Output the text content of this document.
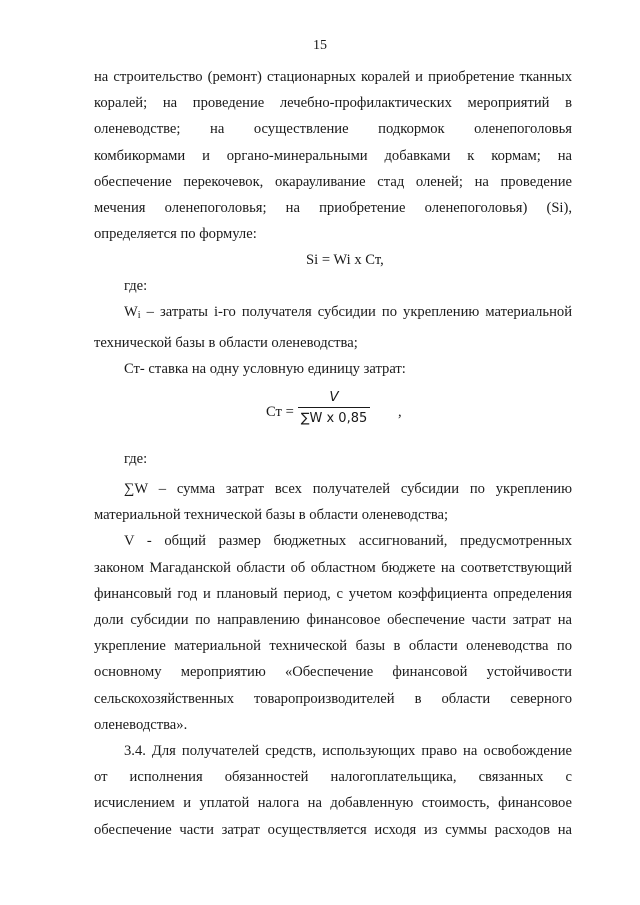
15

на строительство (ремонт) стационарных коралей и приобретение тканных

коралей; на проведение лечебно-профилактических мероприятий в

оленеводстве; на осуществление подкормок оленепоголовья

комбикормами и органо-минеральными добавками к кормам; на

обеспечение перекочевок, окарауливание стад оленей; на проведение

мечения оленепоголовья; на приобретение оленепоголовья) (Si),

определяется по формуле:

Si = Wi x Ст,

где:

Wi – затраты i-го получателя субсидии по укреплению материальной

технической базы в области оленеводства;

Ст- ставка на одну условную единицу затрат:

Ст =
V
∑W x 0,85 ,

где:

∑W – сумма затрат всех получателей субсидии по укреплению

материальной технической базы в области оленеводства;

V - общий размер бюджетных ассигнований, предусмотренных

законом Магаданской области об областном бюджете на соответствующий

финансовый год и плановый период, с учетом коэффициента определения

доли субсидии по направлению финансовое обеспечение части затрат на

укрепление материальной технической базы в области оленеводства по

основному мероприятию «Обеспечение финансовой устойчивости

сельскохозяйственных товаропроизводителей в области северного

оленеводства».

3.4. Для получателей средств, использующих право на освобождение

от исполнения обязанностей налогоплательщика, связанных с

исчислением и уплатой налога на добавленную стоимость, финансовое

обеспечение части затрат осуществляется исходя из суммы расходов на
